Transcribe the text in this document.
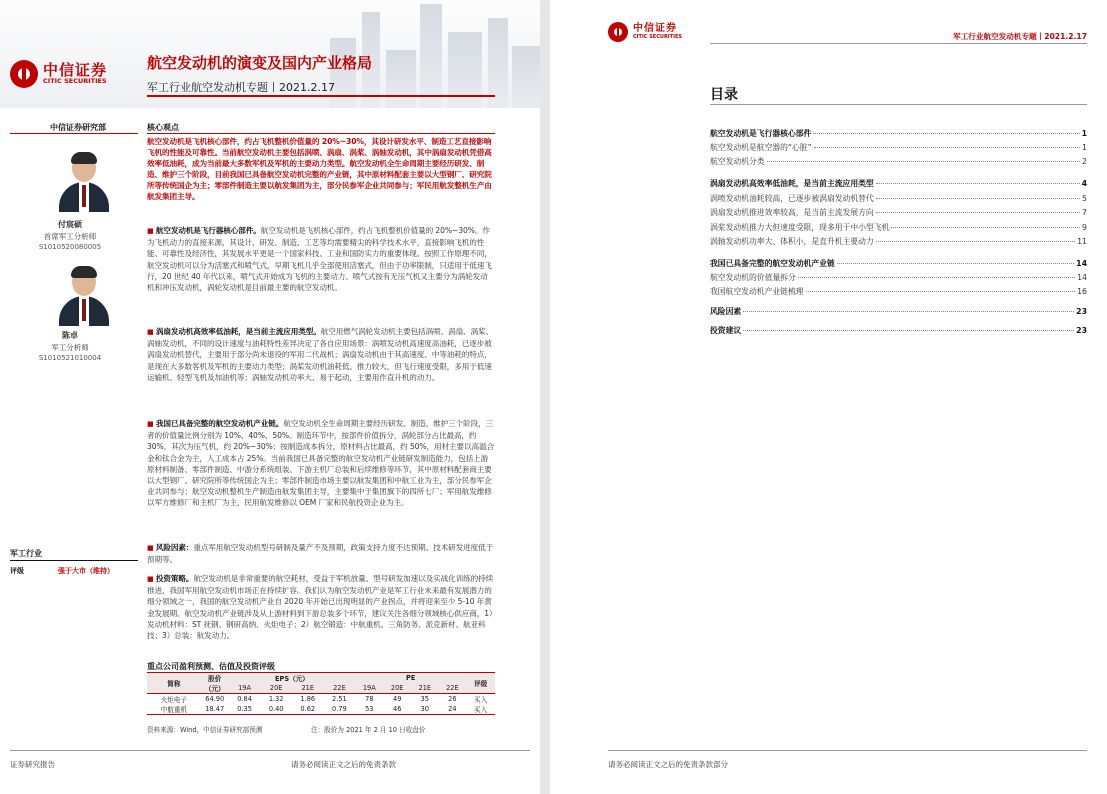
中信证券
CITIC SECURITIES
航空发动机的演变及国内产业格局
军工行业航空发动机专题丨2021.2.17
中信证券研究部	核心观点
付宸硕
首席军工分析师
S1010520080005
陈卓
军工分析师
S1010521010004
航空发动机是飞机核心部件，约占飞机整机价值量的 20%~30%，其设计研发水平、制造工艺直接影响飞机的性能及可靠性。当前航空发动机主要包括涡喷、涡扇、涡桨、涡轴发动机，其中涡扇发动机凭借高效率低油耗，成为当前最大多数军机及军机的主要动力类型。航空发动机全生命周期主要经历研发、制造、维护三个阶段，目前我国已具备航空发动机完整的产业链，其中原材料配套主要以大型钢厂、研究院所等传统国企为主；零部件制造主要以航发集团为主，部分民参军企业共同参与；军民用航发整机生产由航发集团主导。
■ 航空发动机是飞行器核心部件。航空发动机是飞机核心部件，约占飞机整机价值量的 20%~30%。作为飞机动力的直接来源，其设计、研发、制造、工艺等均需要精尖的科学技术水平，直接影响飞机的性能、可靠性及经济性，其发展水平更是一个国家科技、工业和国防实力的重要体现。按照工作原理不同，航空发动机可以分为活塞式和喷气式，早期飞机几乎全部使用活塞式，但由于功率限制，只适用于低速飞行，20 世纪 40 年代以来，喷气式开始成为飞机的主要动力。喷气式按有无压气机又主要分为涡轮发动机和冲压发动机，涡轮发动机是目前最主要的航空发动机。
■ 涡扇发动机高效率低油耗，是当前主流应用类型。航空用燃气涡轮发动机主要包括涡喷、涡扇、涡桨、涡轴发动机，不同的设计速度与油耗特性差异决定了各自应用场景：涡喷发动机高速度高油耗，已逐步被涡扇发动机替代，主要用于部分尚未退役的军用二代战机；涡扇发动机由于其高速度、中等油耗的特点，是现在大多数客机及军机的主要动力类型；涡桨发动机油耗低、推力较大，但飞行速度受限，多用于低速运输机、轻型飞机及加油机等；涡轴发动机功率大、易于起动，主要用作直升机的动力。
■ 我国已具备完整的航空发动机产业链。航空发动机全生命周期主要经历研发、制造、维护三个阶段，三者的价值量比例分别为 10%、40%、50%。制造环节中，按部件价值拆分，涡轮部分占比最高，约 30%，其次为压气机，约 20%~30%；按制造成本拆分，原材料占比最高，约 50%，用材主要以高温合金和钛合金为主，人工成本占 25%。当前我国已具备完整的航空发动机产业链研发制造能力，包括上游原材料制备、零部件制造、中游分系统组装、下游主机厂总装和后续维修等环节，其中原材料配套商主要以大型钢厂、研究院所等传统国企为主；零部件制造市场主要以航发集团和中航工业为主，部分民参军企业共同参与；航空发动机整机生产制造由航发集团主导，主要集中于集团旗下的四所七厂；军用航发维修以军方维修厂和主机厂为主，民用航发维修以 OEM 厂家和民航投资企业为主。
■ 风险因素：重点军用航空发动机型号研制及量产不及预期，政策支持力度不达预期、技术研发进度低于预期等。
■ 投资策略。航空发动机是非常重要的航空耗材，受益于军机放量、型号研发加速以及实战化训练的持续推进，我国军用航空发动机市场正在持续扩容。我们认为航空发动机产业是军工行业未来最有发展潜力的细分领域之一，我国的航空发动机产业自 2020 年开始已出现明显的产业拐点，并将迎来至少 5-10 年黄金发展期。航空发动机产业链涉及从上游材料到下游总装多个环节，建议关注各细分领域核心供应商，1）发动机材料：ST 抚钢、钢研高纳、火炬电子；2）航空锻造：中航重机、三角防务、派克新材、航亚科技；3）总装：航发动力。
军工行业
评级	强于大市（维持）
重点公司盈利预测、估值及投资评级
简称	股价（元）	EPS（元）				PE				评级
		19A	20E	21E	22E	19A	20E	21E	22E	
火炬电子	64.90	0.84	1.32	1.86	2.51	78	49	35	26	买入
中航重机	18.47	0.35	0.40	0.62	0.79	53	46	30	24	买入

资料来源：Wind，中信证券研究部预测	注：股价为 2021 年 2 月 10 日收盘价
证券研究报告	请务必阅读正文之后的免责条款
中信证券
CITIC SECURITIES	军工行业航空发动机专题丨2021.2.17
目录
航空发动机是飞行器核心部件	1
航空发动机是航空器的“心脏”	1
航空发动机分类	2
涡扇发动机高效率低油耗，是当前主流应用类型	4
涡喷发动机油耗较高，已逐步被涡扇发动机替代	5
涡扇发动机推进效率较高，是当前主流发展方向	7
涡桨发动机推力大但速度受限，现多用于中小型飞机	9
涡轴发动机功率大、体积小，是直升机主要动力	11
我国已具备完整的航空发动机产业链	14
航空发动机的价值量拆分	14
我国航空发动机产业链梳理	16
风险因素	23
投资建议	23
请务必阅读正文之后的免责条款部分
